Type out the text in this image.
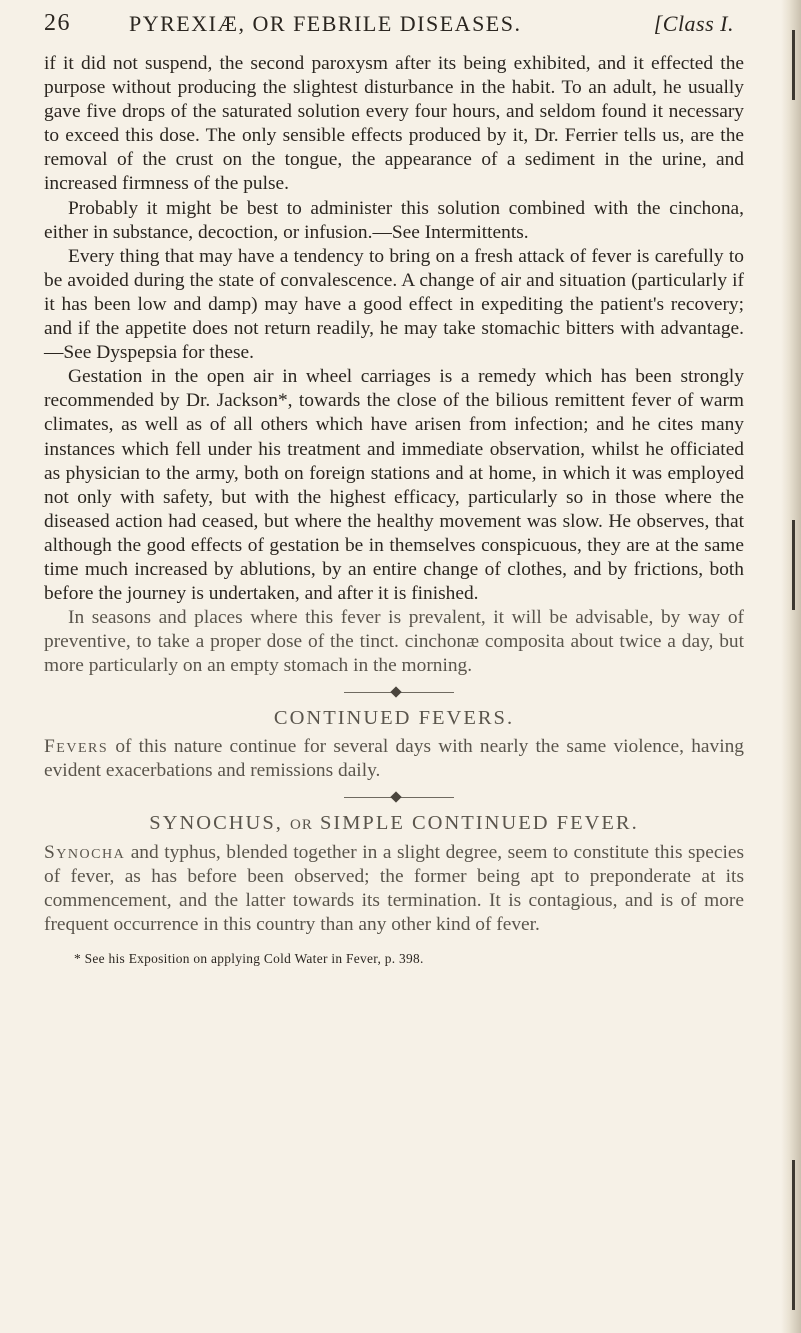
26	PYREXIÆ, OR FEBRILE DISEASES.	[Class I.

if it did not suspend, the second paroxysm after its being exhibited, and it effected the purpose without producing the slightest disturbance in the habit. To an adult, he usually gave five drops of the saturated solution every four hours, and seldom found it necessary to exceed this dose. The only sensible effects produced by it, Dr. Ferrier tells us, are the removal of the crust on the tongue, the appearance of a sediment in the urine, and increased firmness of the pulse.

Probably it might be best to administer this solution combined with the cinchona, either in substance, decoction, or infusion.—See Intermittents.

Every thing that may have a tendency to bring on a fresh attack of fever is carefully to be avoided during the state of convalescence. A change of air and situation (particularly if it has been low and damp) may have a good effect in expediting the patient's recovery; and if the appetite does not return readily, he may take stomachic bitters with advantage.—See Dyspepsia for these.

Gestation in the open air in wheel carriages is a remedy which has been strongly recommended by Dr. Jackson*, towards the close of the bilious remittent fever of warm climates, as well as of all others which have arisen from infection; and he cites many instances which fell under his treatment and immediate observation, whilst he officiated as physician to the army, both on foreign stations and at home, in which it was employed not only with safety, but with the highest efficacy, particularly so in those where the diseased action had ceased, but where the healthy movement was slow. He observes, that although the good effects of gestation be in themselves conspicuous, they are at the same time much increased by ablutions, by an entire change of clothes, and by frictions, both before the journey is undertaken, and after it is finished.

In seasons and places where this fever is prevalent, it will be advisable, by way of preventive, to take a proper dose of the tinct. cinchonæ composita about twice a day, but more particularly on an empty stomach in the morning.

CONTINUED FEVERS.

Fevers of this nature continue for several days with nearly the same violence, having evident exacerbations and remissions daily.

SYNOCHUS, OR SIMPLE CONTINUED FEVER.

Synocha and typhus, blended together in a slight degree, seem to constitute this species of fever, as has before been observed; the former being apt to preponderate at its commencement, and the latter towards its termination. It is contagious, and is of more frequent occurrence in this country than any other kind of fever.

* See his Exposition on applying Cold Water in Fever, p. 398.
